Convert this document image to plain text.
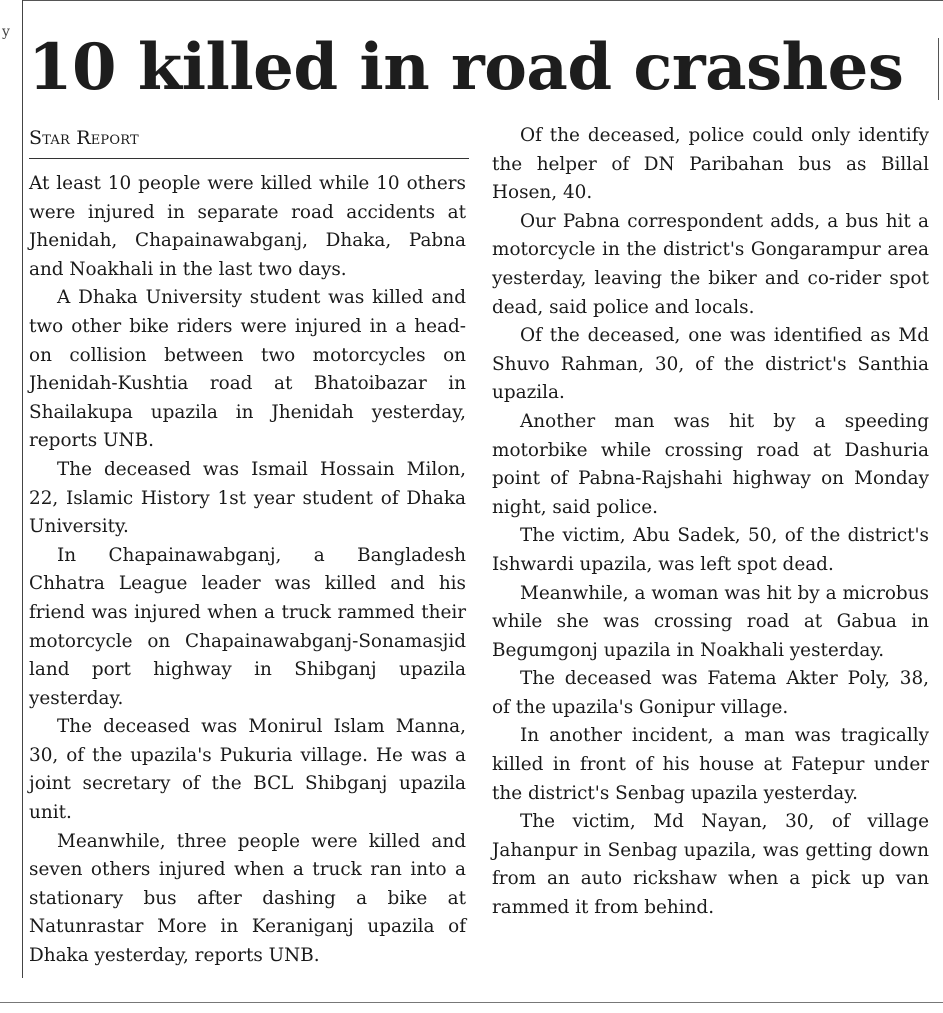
y 10 killed in road crashes
Star Report

At least 10 people were killed while 10 others were injured in separate road accidents at Jhenidah, Chapainawabganj, Dhaka, Pabna and Noakhali in the last two days.

A Dhaka University student was killed and two other bike riders were injured in a head-on collision between two motorcycles on Jhenidah-Kushtia road at Bhatoibazar in Shailakupa upazila in Jhenidah yesterday, reports UNB.

The deceased was Ismail Hossain Milon, 22, Islamic History 1st year student of Dhaka University.

In Chapainawabganj, a Bangladesh Chhatra League leader was killed and his friend was injured when a truck rammed their motorcycle on Chapainawabganj-Sonamasjid land port highway in Shibganj upazila yesterday.

The deceased was Monirul Islam Manna, 30, of the upazila's Pukuria village. He was a joint secretary of the BCL Shibganj upazila unit.

Meanwhile, three people were killed and seven others injured when a truck ran into a stationary bus after dashing a bike at Natunrastar More in Keraniganj upazila of Dhaka yesterday, reports UNB.

Of the deceased, police could only identify the helper of DN Paribahan bus as Billal Hosen, 40.

Our Pabna correspondent adds, a bus hit a motorcycle in the district's Gongarampur area yesterday, leaving the biker and co-rider spot dead, said police and locals.

Of the deceased, one was identified as Md Shuvo Rahman, 30, of the district's Santhia upazila.

Another man was hit by a speeding motorbike while crossing road at Dashuria point of Pabna-Rajshahi highway on Monday night, said police.

The victim, Abu Sadek, 50, of the district's Ishwardi upazila, was left spot dead.

Meanwhile, a woman was hit by a microbus while she was crossing road at Gabua in Begumgonj upazila in Noakhali yesterday.

The deceased was Fatema Akter Poly, 38, of the upazila's Gonipur village.

In another incident, a man was tragically killed in front of his house at Fatepur under the district's Senbag upazila yesterday.

The victim, Md Nayan, 30, of village Jahanpur in Senbag upazila, was getting down from an auto rickshaw when a pick up van rammed it from behind.
